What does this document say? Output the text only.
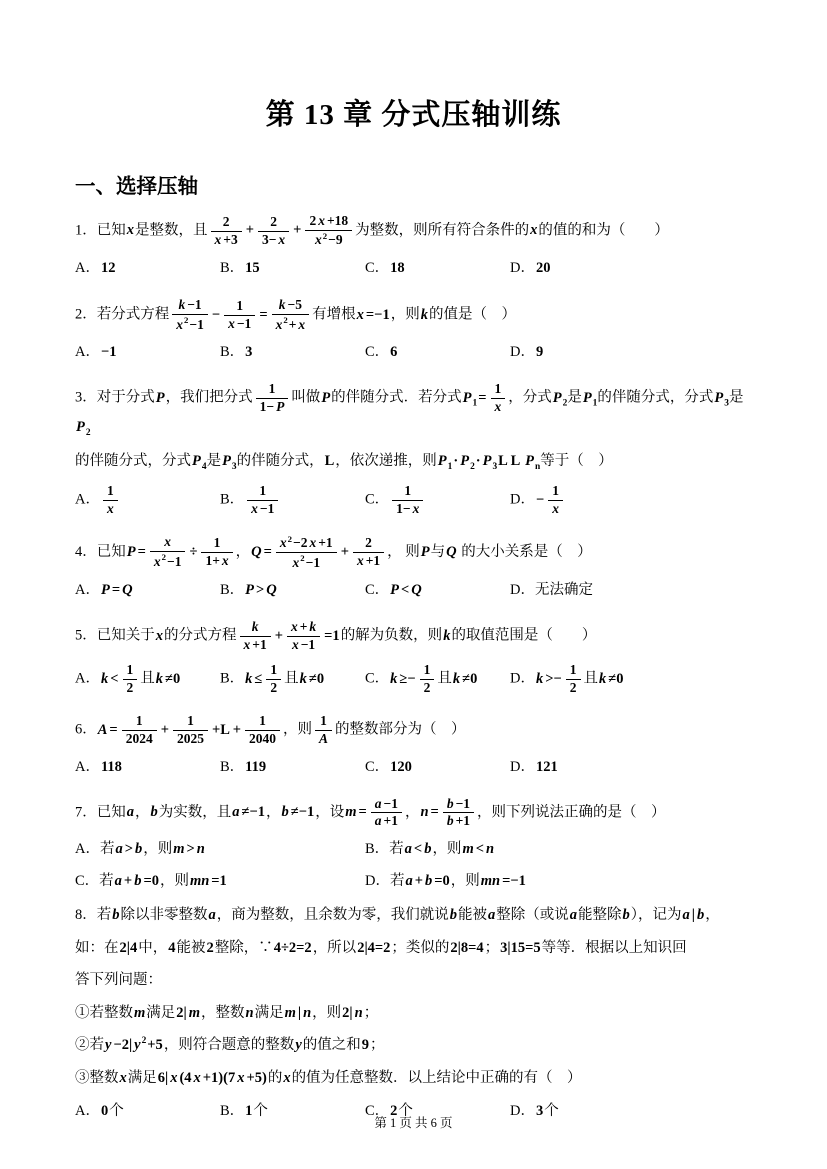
第 13 章 分式压轴训练
一、选择压轴
1．已知x是整数，且 $\frac{2}{x +3} + \frac{2}{3- x} + \frac{2 x +18}{x^2-9}$ 为整数，则所有符合条件的x的值的和为（　　）
A．12	B．15	C．18	D．20
2．若分式方程 $\frac{k -1}{x^2-1} - \frac{1}{x -1} = \frac{k -5}{x^2+ x}$ 有增根x =−1，则k的值是（　）
A．−1	B．3	C．6	D．9
3．对于分式P，我们把分式 $\frac{1}{1- P}$ 叫做P的伴随分式．若分式$P_1= \frac{1}{x}$ ，分式$P_2$是$P_1$的伴随分式，分式$P_3$是$P_2$
的伴随分式，分式$P_4$是$P_3$的伴随分式，L，依次递推，则$P_1\cdot P_2\cdot P_3L$ L $P_n$等于（　）
A． $\frac{1}{x}$	B． $\frac{1}{x -1}$	C． $\frac{1}{1- x}$	D．− $\frac{1}{x}$
4．已知$P = \frac{x}{x^2-1} \div \frac{1}{1+ x}$ ，$Q = \frac{x^2-2 x +1}{x^2-1} + \frac{2}{x +1}$ ， 则P与Q 的大小关系是（　）
A．P = Q	B．P > Q	C．P < Q	D．无法确定
5．已知关于x的分式方程 $\frac{k}{x +1} + \frac{x + k}{x -1} =1$的解为负数，则k的取值范围是（　　）
A．$k < \frac{1}{2}$ 且k ≠0	B．$k \le \frac{1}{2}$ 且k ≠0	C．$k \ge- \frac{1}{2}$ 且k ≠0	D．$k >- \frac{1}{2}$ 且k ≠0
6．$A = \frac{1}{2024} + \frac{1}{2025} +L + \frac{1}{2040}$ ，则 $\frac{1}{A}$ 的整数部分为（　）
A．118	B．119	C．120	D．121
7．已知a，b为实数，且a ≠−1，b ≠−1，设$m = \frac{a -1}{a +1}$ ，$n = \frac{b -1}{b +1}$ ，则下列说法正确的是（　）
A．若a > b，则m > n	B．若a < b，则m < n
C．若a + b =0，则mn =1	D．若a + b =0，则mn =−1
8．若b除以非零整数a，商为整数，且余数为零，我们就说b能被a整除（或说a能整除b），记为a | b，
如：在2|4中，4能被2整除，∵4÷2=2，所以2|4=2；类似的2|8=4；3|15=5等等．根据以上知识回
答下列问题：
①若整数m满足2| m，整数n满足m | n，则2| n；
②若y −2| $y^2+5$，则符合题意的整数y的值之和9；
③整数x满足6| x (4 x +1)(7 x +5)的x的值为任意整数．以上结论中正确的有（　）
A．0个	B．1个	C．2个	D．3个
第 1 页 共 6 页
